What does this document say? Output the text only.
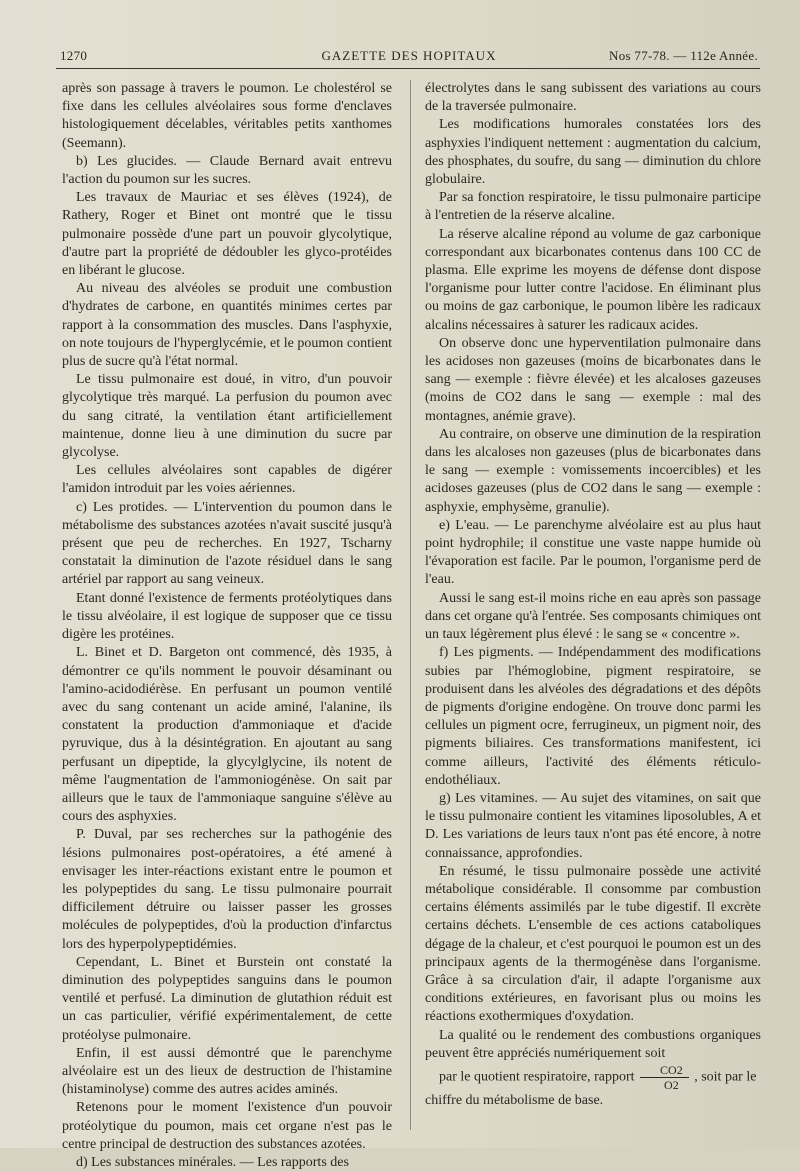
1270	GAZETTE DES HOPITAUX	Nos 77-78. — 112e Année.

après son passage à travers le poumon. Le cholestérol se fixe dans les cellules alvéolaires sous forme d'enclaves histologiquement décelables, véritables petits xanthomes (Seemann).

b) Les glucides. — Claude Bernard avait entrevu l'action du poumon sur les sucres.

Les travaux de Mauriac et ses élèves (1924), de Rathery, Roger et Binet ont montré que le tissu pulmonaire possède d'une part un pouvoir glycolytique, d'autre part la propriété de dédoubler les glyco-protéides en libérant le glucose.

Au niveau des alvéoles se produit une combustion d'hydrates de carbone, en quantités minimes certes par rapport à la consommation des muscles. Dans l'asphyxie, on note toujours de l'hyperglycémie, et le poumon contient plus de sucre qu'à l'état normal.

Le tissu pulmonaire est doué, in vitro, d'un pouvoir glycolytique très marqué. La perfusion du poumon avec du sang citraté, la ventilation étant artificiellement maintenue, donne lieu à une diminution du sucre par glycolyse.

Les cellules alvéolaires sont capables de digérer l'amidon introduit par les voies aériennes.

c) Les protides. — L'intervention du poumon dans le métabolisme des substances azotées n'avait suscité jusqu'à présent que peu de recherches. En 1927, Tscharny constatait la diminution de l'azote résiduel dans le sang artériel par rapport au sang veineux.

Etant donné l'existence de ferments protéolytiques dans le tissu alvéolaire, il est logique de supposer que ce tissu digère les protéines.

L. Binet et D. Bargeton ont commencé, dès 1935, à démontrer ce qu'ils nomment le pouvoir désaminant ou l'amino-acidodiérèse. En perfusant un poumon ventilé avec du sang contenant un acide aminé, l'alanine, ils constatent la production d'ammoniaque et d'acide pyruvique, dus à la désintégration. En ajoutant au sang perfusant un dipeptide, la glycylglycine, ils notent de même l'augmentation de l'ammoniogénèse. On sait par ailleurs que le taux de l'ammoniaque sanguine s'élève au cours des asphyxies.

P. Duval, par ses recherches sur la pathogénie des lésions pulmonaires post-opératoires, a été amené à envisager les inter-réactions existant entre le poumon et les polypeptides du sang. Le tissu pulmonaire pourrait difficilement détruire ou laisser passer les grosses molécules de polypeptides, d'où la production d'infarctus lors des hyperpolypeptidémies.

Cependant, L. Binet et Burstein ont constaté la diminution des polypeptides sanguins dans le poumon ventilé et perfusé. La diminution de glutathion réduit est un cas particulier, vérifié expérimentalement, de cette protéolyse pulmonaire.

Enfin, il est aussi démontré que le parenchyme alvéolaire est un des lieux de destruction de l'histamine (histaminolyse) comme des autres acides aminés.

Retenons pour le moment l'existence d'un pouvoir protéolytique du poumon, mais cet organe n'est pas le centre principal de destruction des substances azotées.

d) Les substances minérales. — Les rapports des

électrolytes dans le sang subissent des variations au cours de la traversée pulmonaire.

Les modifications humorales constatées lors des asphyxies l'indiquent nettement : augmentation du calcium, des phosphates, du soufre, du sang — diminution du chlore globulaire.

Par sa fonction respiratoire, le tissu pulmonaire participe à l'entretien de la réserve alcaline.

La réserve alcaline répond au volume de gaz carbonique correspondant aux bicarbonates contenus dans 100 CC de plasma. Elle exprime les moyens de défense dont dispose l'organisme pour lutter contre l'acidose. En éliminant plus ou moins de gaz carbonique, le poumon libère les radicaux alcalins nécessaires à saturer les radicaux acides.

On observe donc une hyperventilation pulmonaire dans les acidoses non gazeuses (moins de bicarbonates dans le sang — exemple : fièvre élevée) et les alcaloses gazeuses (moins de CO2 dans le sang — exemple : mal des montagnes, anémie grave).

Au contraire, on observe une diminution de la respiration dans les alcaloses non gazeuses (plus de bicarbonates dans le sang — exemple : vomissements incoercibles) et les acidoses gazeuses (plus de CO2 dans le sang — exemple : asphyxie, emphysème, granulie).

e) L'eau. — Le parenchyme alvéolaire est au plus haut point hydrophile; il constitue une vaste nappe humide où l'évaporation est facile. Par le poumon, l'organisme perd de l'eau.

Aussi le sang est-il moins riche en eau après son passage dans cet organe qu'à l'entrée. Ses composants chimiques ont un taux légèrement plus élevé : le sang se « concentre ».

f) Les pigments. — Indépendamment des modifications subies par l'hémoglobine, pigment respiratoire, se produisent dans les alvéoles des dégradations et des dépôts de pigments d'origine endogène. On trouve donc parmi les cellules un pigment ocre, ferrugineux, un pigment noir, des pigments biliaires. Ces transformations manifestent, ici comme ailleurs, l'activité des éléments réticulo-endothéliaux.

g) Les vitamines. — Au sujet des vitamines, on sait que le tissu pulmonaire contient les vitamines liposolubles, A et D. Les variations de leurs taux n'ont pas été encore, à notre connaissance, approfondies.

En résumé, le tissu pulmonaire possède une activité métabolique considérable. Il consomme par combustion certains éléments assimilés par le tube digestif. Il excrète certains déchets. L'ensemble de ces actions cataboliques dégage de la chaleur, et c'est pourquoi le poumon est un des principaux agents de la thermogénèse dans l'organisme. Grâce à sa circulation d'air, il adapte l'organisme aux conditions extérieures, en favorisant plus ou moins les réactions exothermiques d'oxydation.

La qualité ou le rendement des combustions organiques peuvent être appréciés numériquement soit

par le quotient respiratoire, rapport $\frac{CO2}{O2}$ , soit par le

chiffre du métabolisme de base.
